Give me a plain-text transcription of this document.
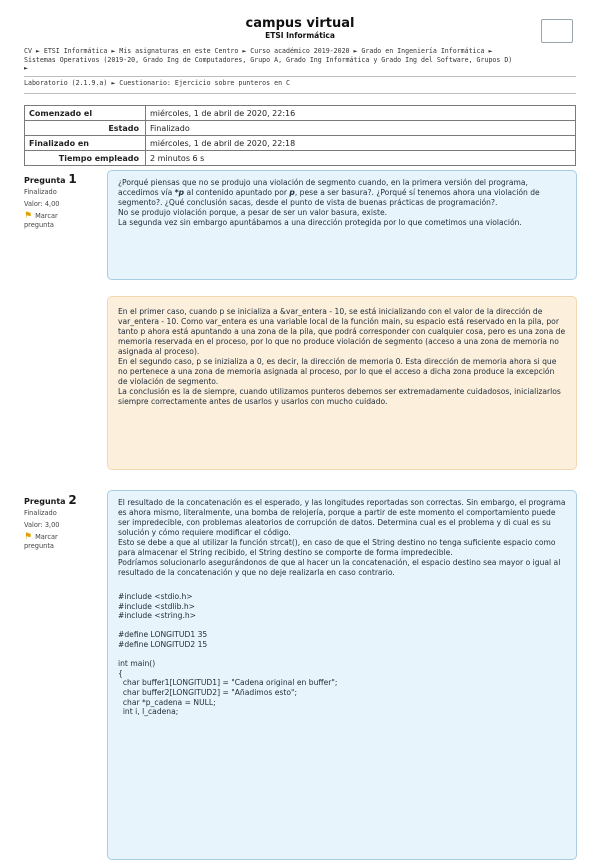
campus virtual
ETSI Informática
CV ► ETSI Informática ► Mis asignaturas en este Centro ► Curso académico 2019-2020 ► Grado en Ingeniería Informática ►
Sistemas Operativos (2019-20, Grado Ing de Computadores, Grupo A, Grado Ing Informática y Grado Ing del Software, Grupos D)
►
Laboratorio (2.1.9.a) ► Cuestionario: Ejercicio sobre punteros en C
Comenzado el	miércoles, 1 de abril de 2020, 22:16
Estado	Finalizado
Finalizado en	miércoles, 1 de abril de 2020, 22:18
Tiempo empleado	2 minutos 6 s
Pregunta 1
Finalizado
Valor: 4,00
⚑ Marcar
pregunta

¿Porqué piensas que no se produjo una violación de segmento cuando, en la primera versión del programa, accedimos vía *p al contenido apuntado por p, pese a ser basura?. ¿Porqué sí tenemos ahora una violación de segmento?. ¿Qué conclusión sacas, desde el punto de vista de buenas prácticas de programación?.

No se produjo violación porque, a pesar de ser un valor basura, existe.

La segunda vez sin embargo apuntábamos a una dirección protegida por lo que cometimos una violación.

En el primer caso, cuando p se inicializa a &var_entera - 10, se está inicializando con el valor de la dirección de var_entera - 10. Como var_entera es una variable local de la función main, su espacio está reservado en la pila, por tanto p ahora está apuntando a una zona de la pila, que podrá corresponder con cualquier cosa, pero es una zona de memoria reservada en el proceso, por lo que no produce violación de segmento (acceso a una zona de memoria no asignada al proceso).

En el segundo caso, p se inizializa a 0, es decir, la dirección de memoria 0. Esta dirección de memoria ahora si que no pertenece a una zona de memoria asignada al proceso, por lo que el acceso a dicha zona produce la excepción de violación de segmento.

La conclusión es la de siempre, cuando utilizamos punteros debemos ser extremadamente cuidadosos, inicializarlos siempre correctamente antes de usarlos y usarlos con mucho cuidado.

Pregunta 2
Finalizado
Valor: 3,00
⚑ Marcar
pregunta

El resultado de la concatenación es el esperado, y las longitudes reportadas son correctas. Sin embargo, el programa es ahora mismo, literalmente, una bomba de relojería, porque a partir de este momento el comportamiento puede ser impredecible, con problemas aleatorios de corrupción de datos. Determina cual es el problema y di cual es su solución y cómo requiere modificar el código.

Esto se debe a que al utilizar la función strcat(), en caso de que el String destino no tenga suficiente espacio como para almacenar el String recibido, el String destino se comporte de forma impredecible.

Podríamos solucionarlo asegurándonos de que al hacer un la concatenación, el espacio destino sea mayor o igual al resultado de la concatenación y que no deje realizarla en caso contrario.

#include <stdio.h>
#include <stdlib.h>
#include <string.h>

#define LONGITUD1 35
#define LONGITUD2 15

int main()
{
char buffer1[LONGITUD1] = "Cadena original en buffer";
char buffer2[LONGITUD2] = "Añadimos esto";
char *p_cadena = NULL;
int i, l_cadena;
